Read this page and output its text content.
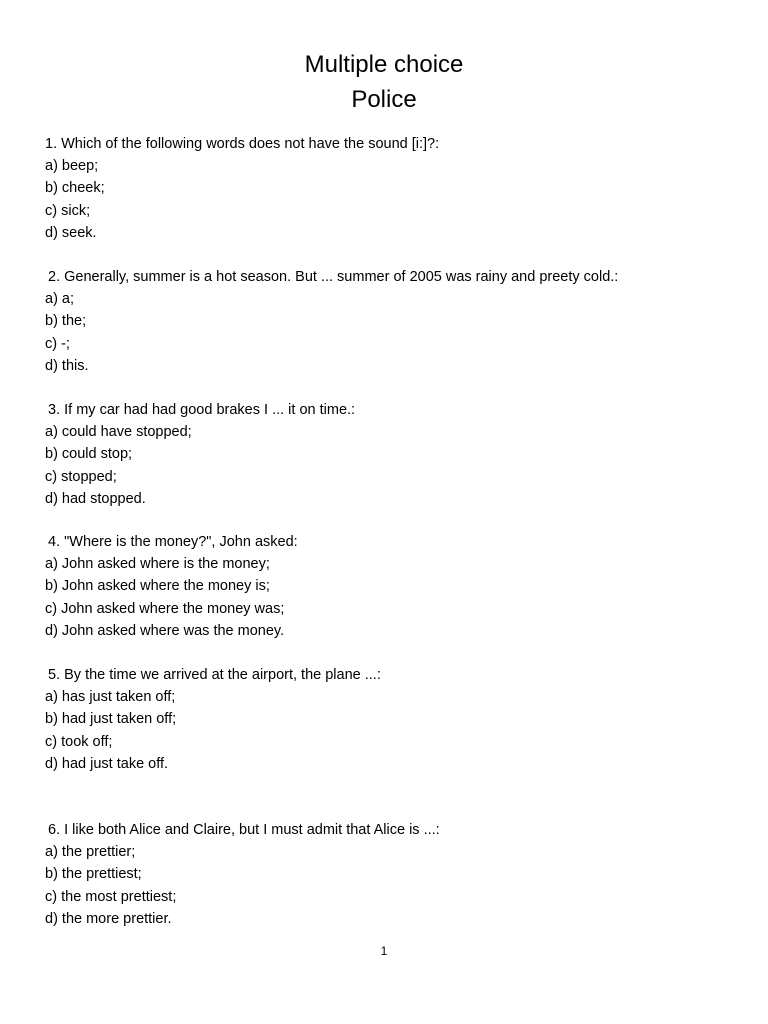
Multiple choice
Police
1. Which of the following words does not have the sound [i:]?:
a) beep;
b) cheek;
c) sick;
d) seek.
2. Generally, summer is a hot season. But ... summer of 2005 was rainy and preety cold.:
a) a;
b) the;
c) -;
d) this.
3. If my car had had good brakes I ... it on time.:
a) could have stopped;
b) could stop;
c) stopped;
d) had stopped.
4. "Where is the money?", John asked:
a) John asked where is the money;
b) John asked where the money is;
c) John asked where the money was;
d) John asked where was the money.
5. By the time we arrived at the airport, the plane ...:
a) has just taken off;
b) had just taken off;
c) took off;
d) had just take off.
6. I like both Alice and Claire, but I must admit that Alice is ...:
a) the prettier;
b) the prettiest;
c) the most prettiest;
d) the more prettier.
1
